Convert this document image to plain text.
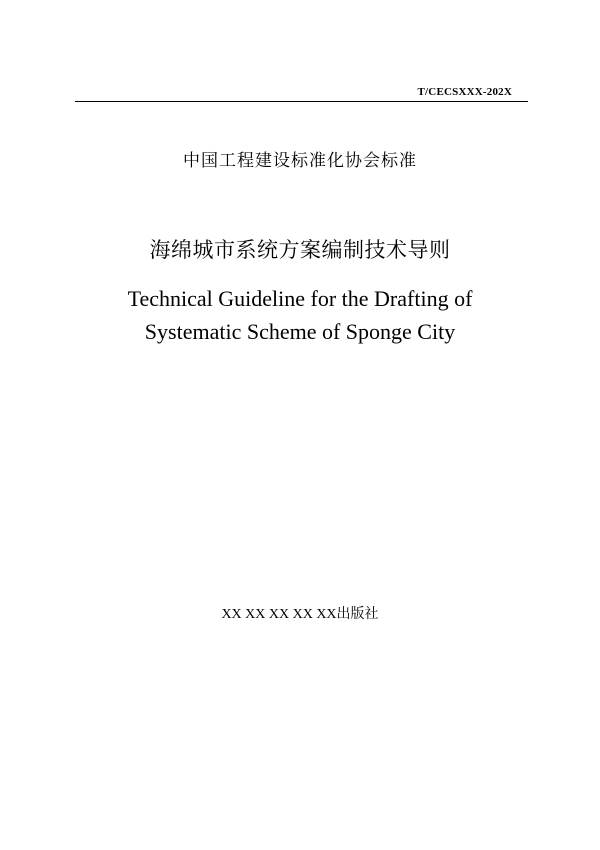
T/CECSXXX-202X
中国工程建设标准化协会标准
海绵城市系统方案编制技术导则
Technical Guideline for the Drafting of
Systematic Scheme of Sponge City
XX XX XX XX XX出版社
